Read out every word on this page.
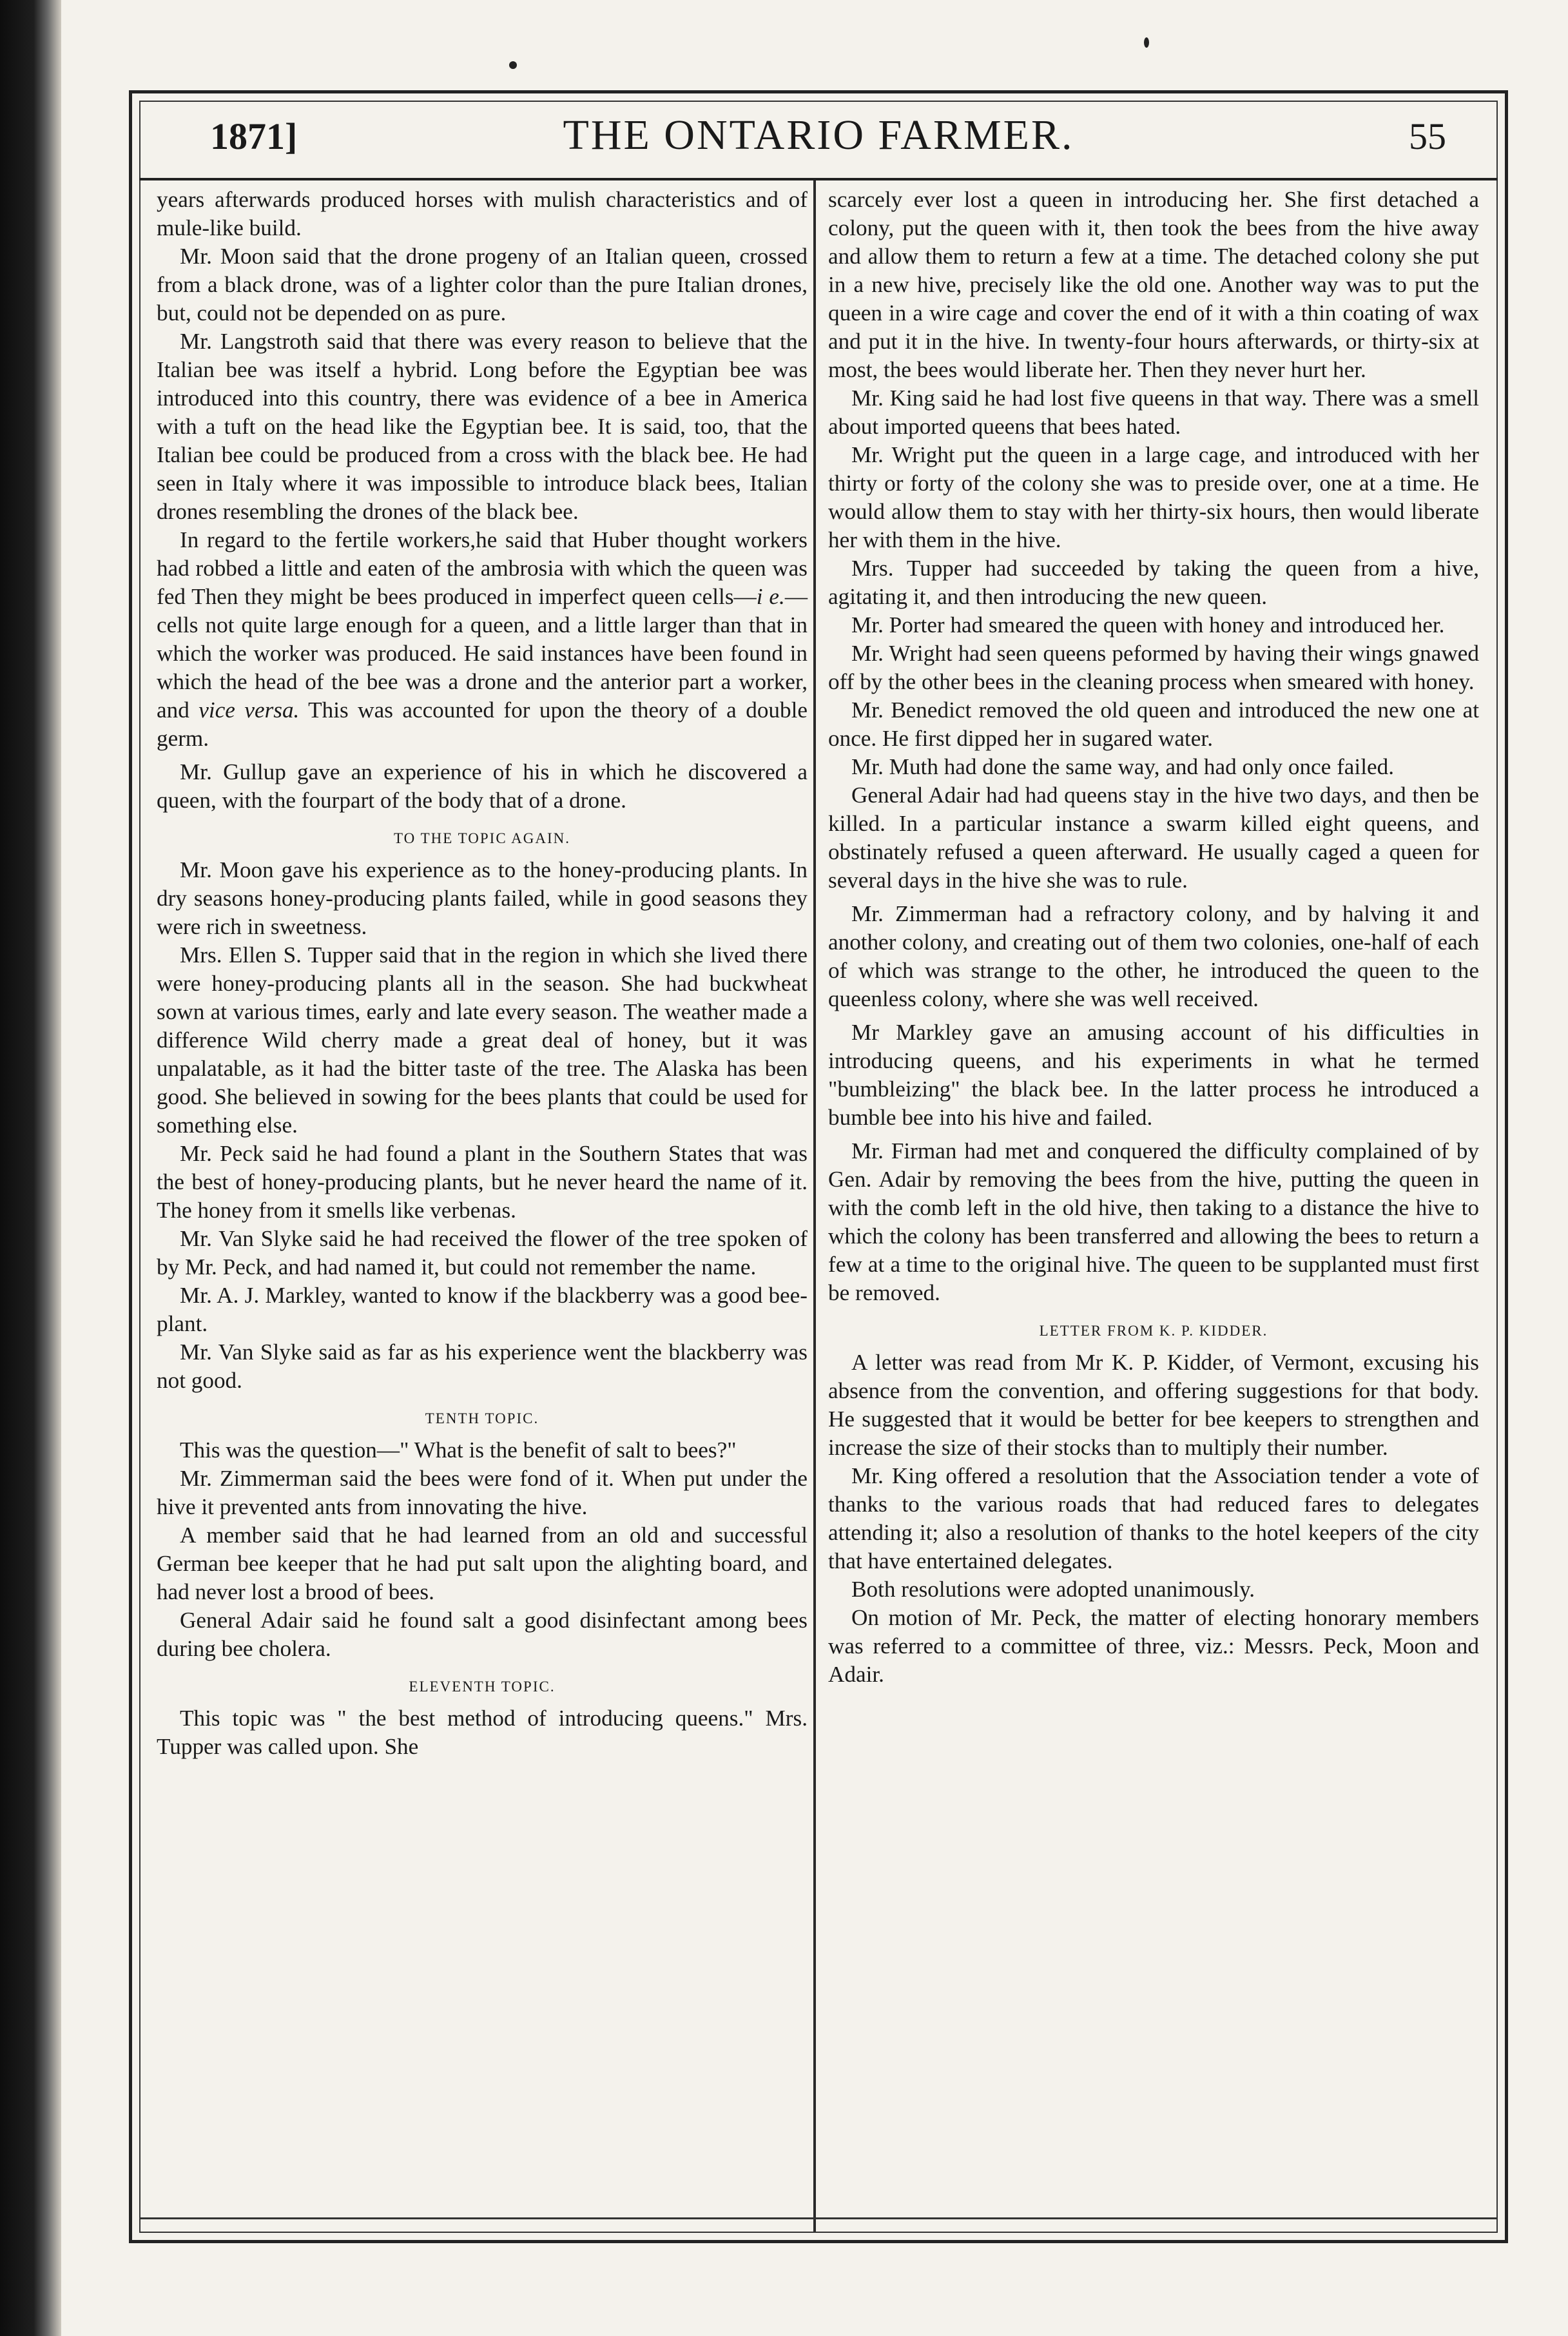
1871]	THE ONTARIO FARMER.	55

years afterwards produced horses with mulish characteristics and of mule-like build.

Mr. Moon said that the drone progeny of an Italian queen, crossed from a black drone, was of a lighter color than the pure Italian drones, but, could not be depended on as pure.

Mr. Langstroth said that there was every reason to believe that the Italian bee was itself a hybrid. Long before the Egyptian bee was introduced into this country, there was evidence of a bee in America with a tuft on the head like the Egyptian bee. It is said, too, that the Italian bee could be produced from a cross with the black bee. He had seen in Italy where it was impossible to introduce black bees, Italian drones resembling the drones of the black bee.

In regard to the fertile workers,he said that Huber thought workers had robbed a little and eaten of the ambrosia with which the queen was fed Then they might be bees produced in imperfect queen cells—i e.—cells not quite large enough for a queen, and a little larger than that in which the worker was produced. He said instances have been found in which the head of the bee was a drone and the anterior part a worker, and vice versa. This was accounted for upon the theory of a double germ.

Mr. Gullup gave an experience of his in which he discovered a queen, with the fourpart of the body that of a drone.

TO THE TOPIC AGAIN.

Mr. Moon gave his experience as to the honey-producing plants. In dry seasons honey-producing plants failed, while in good seasons they were rich in sweetness.

Mrs. Ellen S. Tupper said that in the region in which she lived there were honey-producing plants all in the season. She had buckwheat sown at various times, early and late every season. The weather made a difference Wild cherry made a great deal of honey, but it was unpalatable, as it had the bitter taste of the tree. The Alaska has been good. She believed in sowing for the bees plants that could be used for something else.

Mr. Peck said he had found a plant in the Southern States that was the best of honey-producing plants, but he never heard the name of it. The honey from it smells like verbenas.

Mr. Van Slyke said he had received the flower of the tree spoken of by Mr. Peck, and had named it, but could not remember the name.

Mr. A. J. Markley, wanted to know if the blackberry was a good bee-plant.

Mr. Van Slyke said as far as his experience went the blackberry was not good.

TENTH TOPIC.

This was the question—" What is the benefit of salt to bees?"

Mr. Zimmerman said the bees were fond of it. When put under the hive it prevented ants from innovating the hive.

A member said that he had learned from an old and successful German bee keeper that he had put salt upon the alighting board, and had never lost a brood of bees.

General Adair said he found salt a good disinfectant among bees during bee cholera.

ELEVENTH TOPIC.

This topic was " the best method of introducing queens." Mrs. Tupper was called upon. She

scarcely ever lost a queen in introducing her. She first detached a colony, put the queen with it, then took the bees from the hive away and allow them to return a few at a time. The detached colony she put in a new hive, precisely like the old one. Another way was to put the queen in a wire cage and cover the end of it with a thin coating of wax and put it in the hive. In twenty-four hours afterwards, or thirty-six at most, the bees would liberate her. Then they never hurt her.

Mr. King said he had lost five queens in that way. There was a smell about imported queens that bees hated.

Mr. Wright put the queen in a large cage, and introduced with her thirty or forty of the colony she was to preside over, one at a time. He would allow them to stay with her thirty-six hours, then would liberate her with them in the hive.

Mrs. Tupper had succeeded by taking the queen from a hive, agitating it, and then introducing the new queen.

Mr. Porter had smeared the queen with honey and introduced her.

Mr. Wright had seen queens peformed by having their wings gnawed off by the other bees in the cleaning process when smeared with honey.

Mr. Benedict removed the old queen and introduced the new one at once. He first dipped her in sugared water.

Mr. Muth had done the same way, and had only once failed.

General Adair had had queens stay in the hive two days, and then be killed. In a particular instance a swarm killed eight queens, and obstinately refused a queen afterward. He usually caged a queen for several days in the hive she was to rule.

Mr. Zimmerman had a refractory colony, and by halving it and another colony, and creating out of them two colonies, one-half of each of which was strange to the other, he introduced the queen to the queenless colony, where she was well received.

Mr Markley gave an amusing account of his difficulties in introducing queens, and his experiments in what he termed "bumbleizing" the black bee. In the latter process he introduced a bumble bee into his hive and failed.

Mr. Firman had met and conquered the difficulty complained of by Gen. Adair by removing the bees from the hive, putting the queen in with the comb left in the old hive, then taking to a distance the hive to which the colony has been transferred and allowing the bees to return a few at a time to the original hive. The queen to be supplanted must first be removed.

LETTER FROM K. P. KIDDER.

A letter was read from Mr K. P. Kidder, of Vermont, excusing his absence from the convention, and offering suggestions for that body. He suggested that it would be better for bee keepers to strengthen and increase the size of their stocks than to multiply their number.

Mr. King offered a resolution that the Association tender a vote of thanks to the various roads that had reduced fares to delegates attending it; also a resolution of thanks to the hotel keepers of the city that have entertained delegates.

Both resolutions were adopted unanimously.

On motion of Mr. Peck, the matter of electing honorary members was referred to a committee of three, viz.: Messrs. Peck, Moon and Adair.
